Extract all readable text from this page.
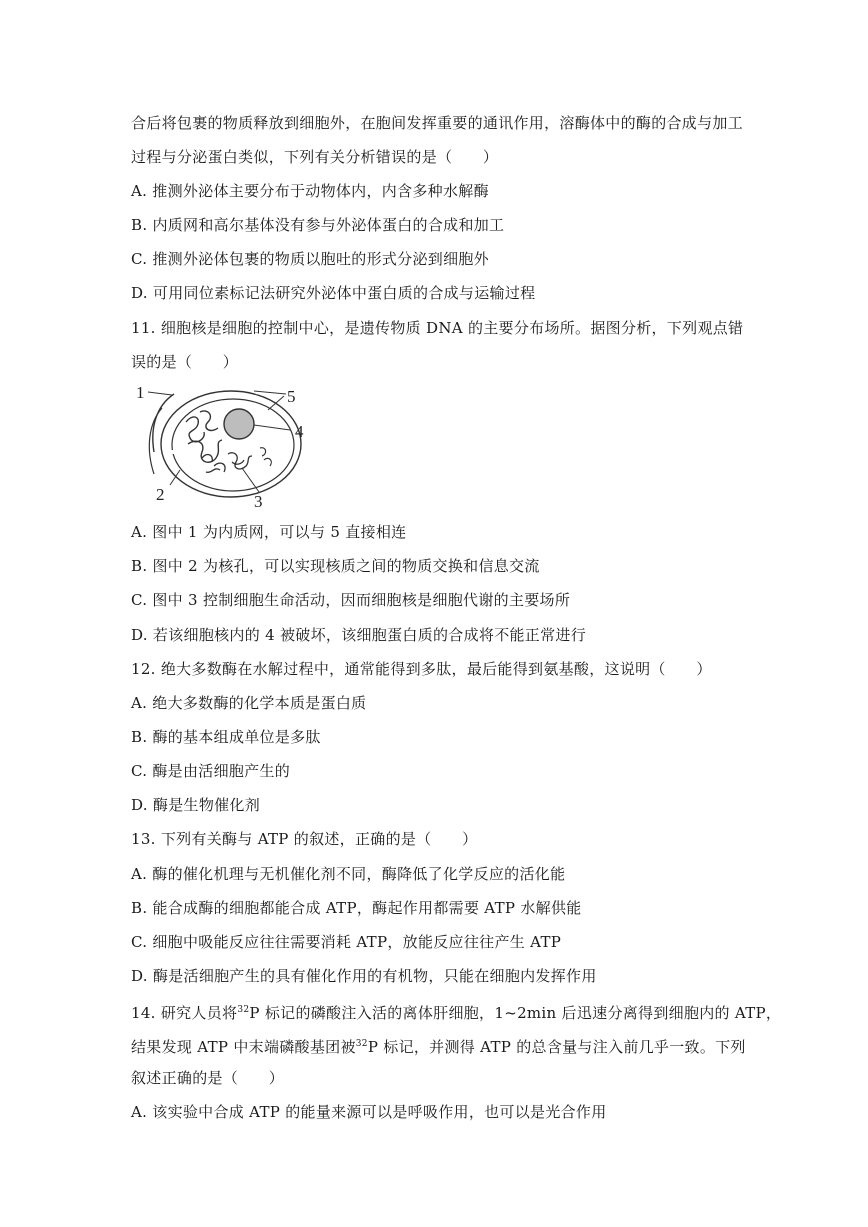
合后将包裹的物质释放到细胞外，在胞间发挥重要的通讯作用，溶酶体中的酶的合成与加工
过程与分泌蛋白类似，下列有关分析错误的是（　　）
A. 推测外泌体主要分布于动物体内，内含多种水解酶
B. 内质网和高尔基体没有参与外泌体蛋白的合成和加工
C. 推测外泌体包裹的物质以胞吐的形式分泌到细胞外
D. 可用同位素标记法研究外泌体中蛋白质的合成与运输过程
11. 细胞核是细胞的控制中心，是遗传物质 DNA 的主要分布场所。据图分析，下列观点错
误的是（　　）
1	5
4
2	3
A. 图中 1 为内质网，可以与 5 直接相连
B. 图中 2 为核孔，可以实现核质之间的物质交换和信息交流
C. 图中 3 控制细胞生命活动，因而细胞核是细胞代谢的主要场所
D. 若该细胞核内的 4 被破坏，该细胞蛋白质的合成将不能正常进行
12. 绝大多数酶在水解过程中，通常能得到多肽，最后能得到氨基酸，这说明（　　）
A. 绝大多数酶的化学本质是蛋白质
B. 酶的基本组成单位是多肽
C. 酶是由活细胞产生的
D. 酶是生物催化剂
13. 下列有关酶与 ATP 的叙述，正确的是（　　）
A. 酶的催化机理与无机催化剂不同，酶降低了化学反应的活化能
B. 能合成酶的细胞都能合成 ATP，酶起作用都需要 ATP 水解供能
C. 细胞中吸能反应往往需要消耗 ATP，放能反应往往产生 ATP
D. 酶是活细胞产生的具有催化作用的有机物，只能在细胞内发挥作用
14. 研究人员将$^{32}$P 标记的磷酸注入活的离体肝细胞，1~2min 后迅速分离得到细胞内的 ATP，
结果发现 ATP 中末端磷酸基团被$^{32}$P 标记，并测得 ATP 的总含量与注入前几乎一致。下列
叙述正确的是（　　）
A. 该实验中合成 ATP 的能量来源可以是呼吸作用，也可以是光合作用
